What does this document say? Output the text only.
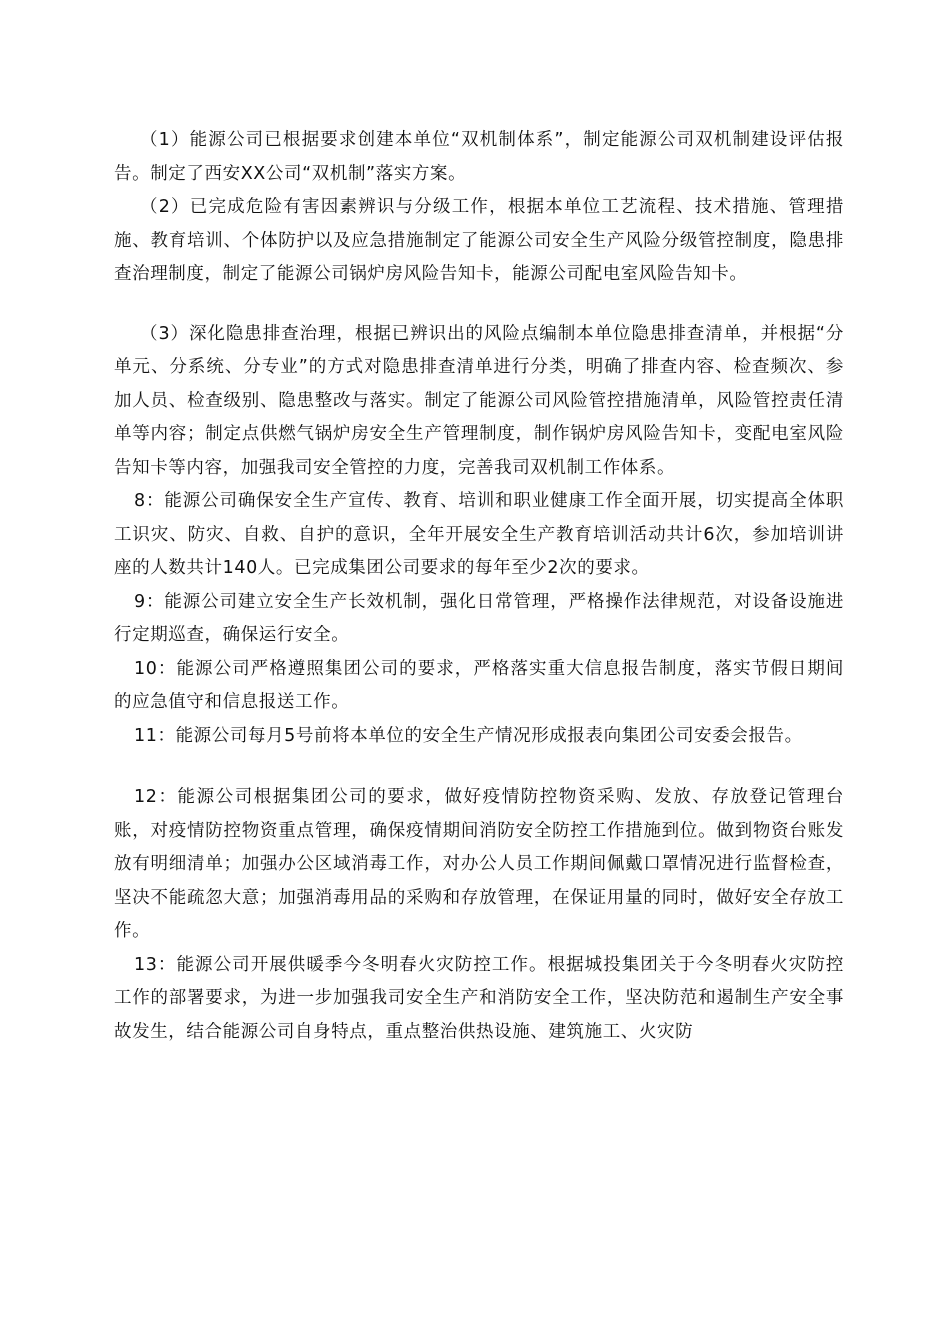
（1）能源公司已根据要求创建本单位“双机制体系”，制定能源公司双机制建设评估报告。制定了西安XX公司“双机制”落实方案。

（2）已完成危险有害因素辨识与分级工作，根据本单位工艺流程、技术措施、管理措施、教育培训、个体防护以及应急措施制定了能源公司安全生产风险分级管控制度，隐患排查治理制度，制定了能源公司锅炉房风险告知卡，能源公司配电室风险告知卡。

（3）深化隐患排查治理，根据已辨识出的风险点编制本单位隐患排查清单，并根据“分单元、分系统、分专业”的方式对隐患排查清单进行分类，明确了排查内容、检查频次、参加人员、检查级别、隐患整改与落实。制定了能源公司风险管控措施清单，风险管控责任清单等内容；制定点供燃气锅炉房安全生产管理制度，制作锅炉房风险告知卡，变配电室风险告知卡等内容，加强我司安全管控的力度，完善我司双机制工作体系。

8：能源公司确保安全生产宣传、教育、培训和职业健康工作全面开展，切实提高全体职工识灾、防灾、自救、自护的意识，全年开展安全生产教育培训活动共计6次，参加培训讲座的人数共计140人。已完成集团公司要求的每年至少2次的要求。

9：能源公司建立安全生产长效机制，强化日常管理，严格操作法律规范，对设备设施进行定期巡查，确保运行安全。

10：能源公司严格遵照集团公司的要求，严格落实重大信息报告制度，落实节假日期间的应急值守和信息报送工作。

11：能源公司每月5号前将本单位的安全生产情况形成报表向集团公司安委会报告。

12：能源公司根据集团公司的要求，做好疫情防控物资采购、发放、存放登记管理台账，对疫情防控物资重点管理，确保疫情期间消防安全防控工作措施到位。做到物资台账发放有明细清单；加强办公区域消毒工作，对办公人员工作期间佩戴口罩情况进行监督检查，坚决不能疏忽大意；加强消毒用品的采购和存放管理，在保证用量的同时，做好安全存放工作。

13：能源公司开展供暖季今冬明春火灾防控工作。根据城投集团关于今冬明春火灾防控工作的部署要求，为进一步加强我司安全生产和消防安全工作，坚决防范和遏制生产安全事故发生，结合能源公司自身特点，重点整治供热设施、建筑施工、火灾防
